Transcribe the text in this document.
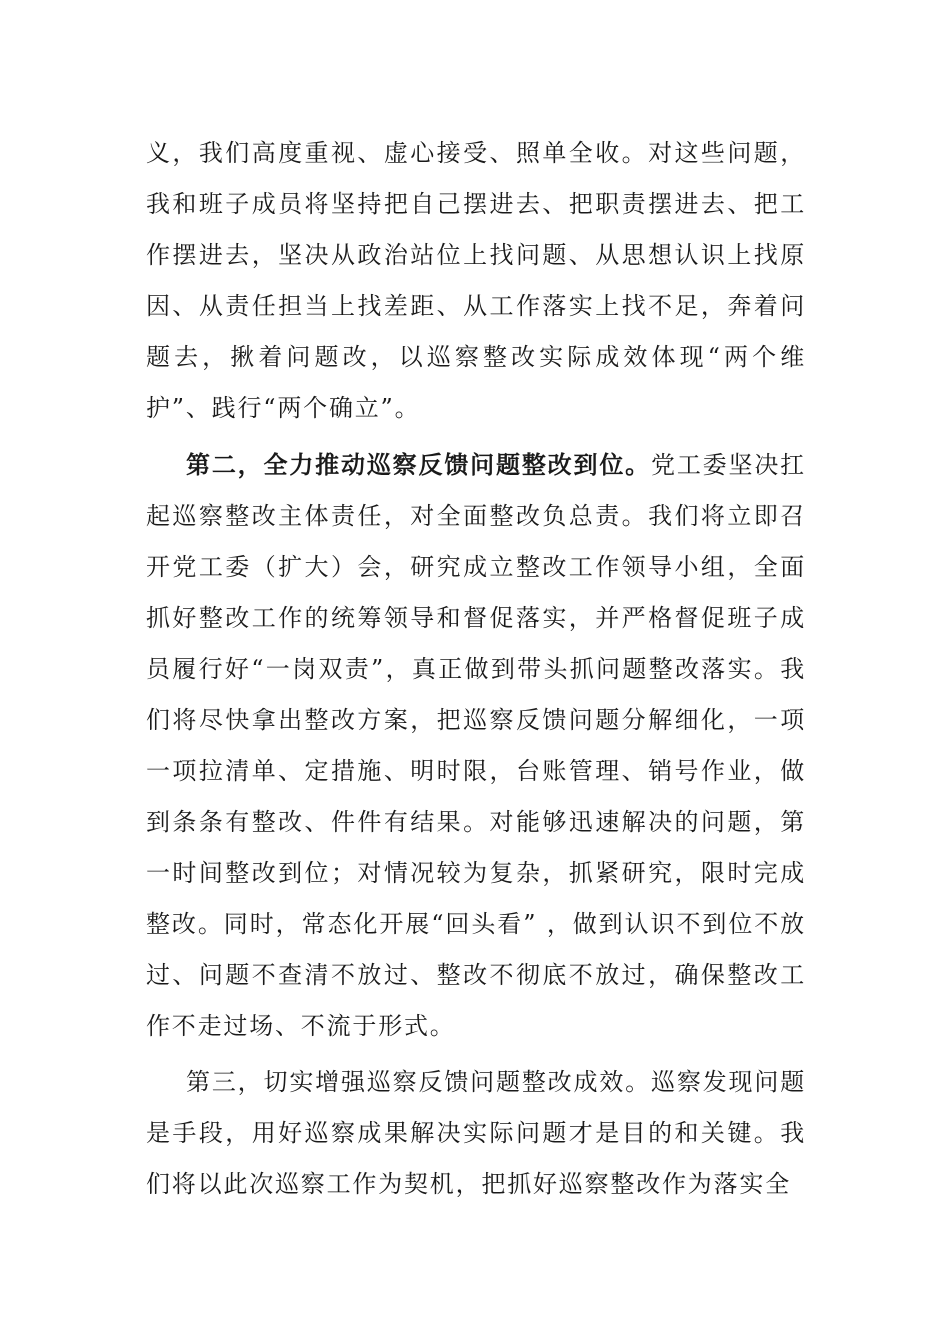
义，我们高度重视、虚心接受、照单全收。对这些问题，我和班子成员将坚持把自己摆进去、把职责摆进去、把工作摆进去，坚决从政治站位上找问题、从思想认识上找原因、从责任担当上找差距、从工作落实上找不足，奔着问题去，揪着问题改，以巡察整改实际成效体现“两个维护”、践行“两个确立”。

第二，全力推动巡察反馈问题整改到位。党工委坚决扛起巡察整改主体责任，对全面整改负总责。我们将立即召开党工委（扩大）会，研究成立整改工作领导小组，全面抓好整改工作的统筹领导和督促落实，并严格督促班子成员履行好“一岗双责”，真正做到带头抓问题整改落实。我们将尽快拿出整改方案，把巡察反馈问题分解细化，一项一项拉清单、定措施、明时限，台账管理、销号作业，做到条条有整改、件件有结果。对能够迅速解决的问题，第一时间整改到位；对情况较为复杂，抓紧研究，限时完成整改。同时，常态化开展“回头看” ，做到认识不到位不放过、问题不查清不放过、整改不彻底不放过，确保整改工作不走过场、不流于形式。

第三，切实增强巡察反馈问题整改成效。巡察发现问题是手段，用好巡察成果解决实际问题才是目的和关键。我们将以此次巡察工作为契机，把抓好巡察整改作为落实全
